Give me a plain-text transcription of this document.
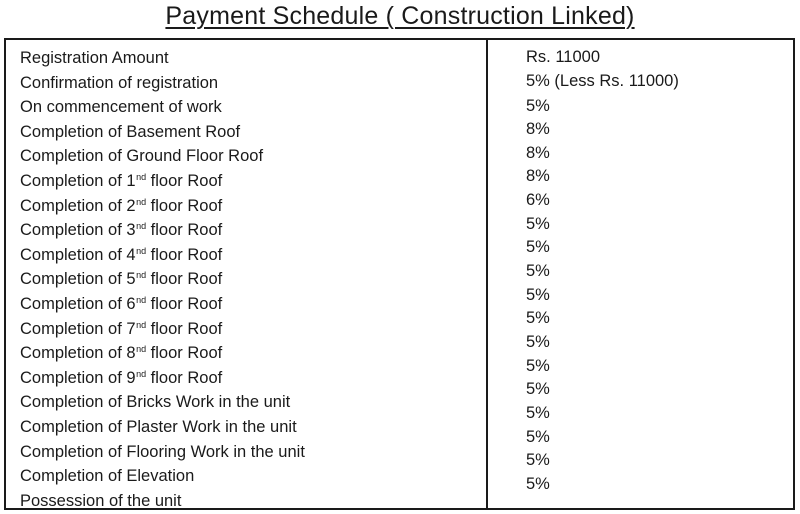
Payment Schedule ( Construction Linked)
Registration Amount
Confirmation of registration
On commencement of work
Completion of Basement Roof
Completion of Ground Floor Roof
Completion of 1nd floor Roof
Completion of 2nd floor Roof
Completion of 3nd floor Roof
Completion of 4nd floor Roof
Completion of 5nd floor Roof
Completion of 6nd floor Roof
Completion of 7nd floor Roof
Completion of 8nd floor Roof
Completion of 9nd floor Roof
Completion of Bricks Work in the unit
Completion of Plaster Work in the unit
Completion of Flooring Work in the unit
Completion of Elevation
Possession of the unit
Rs. 11000
5% (Less Rs. 11000)
5%
8%
8%
8%
6%
5%
5%
5%
5%
5%
5%
5%
5%
5%
5%
5%
5%
